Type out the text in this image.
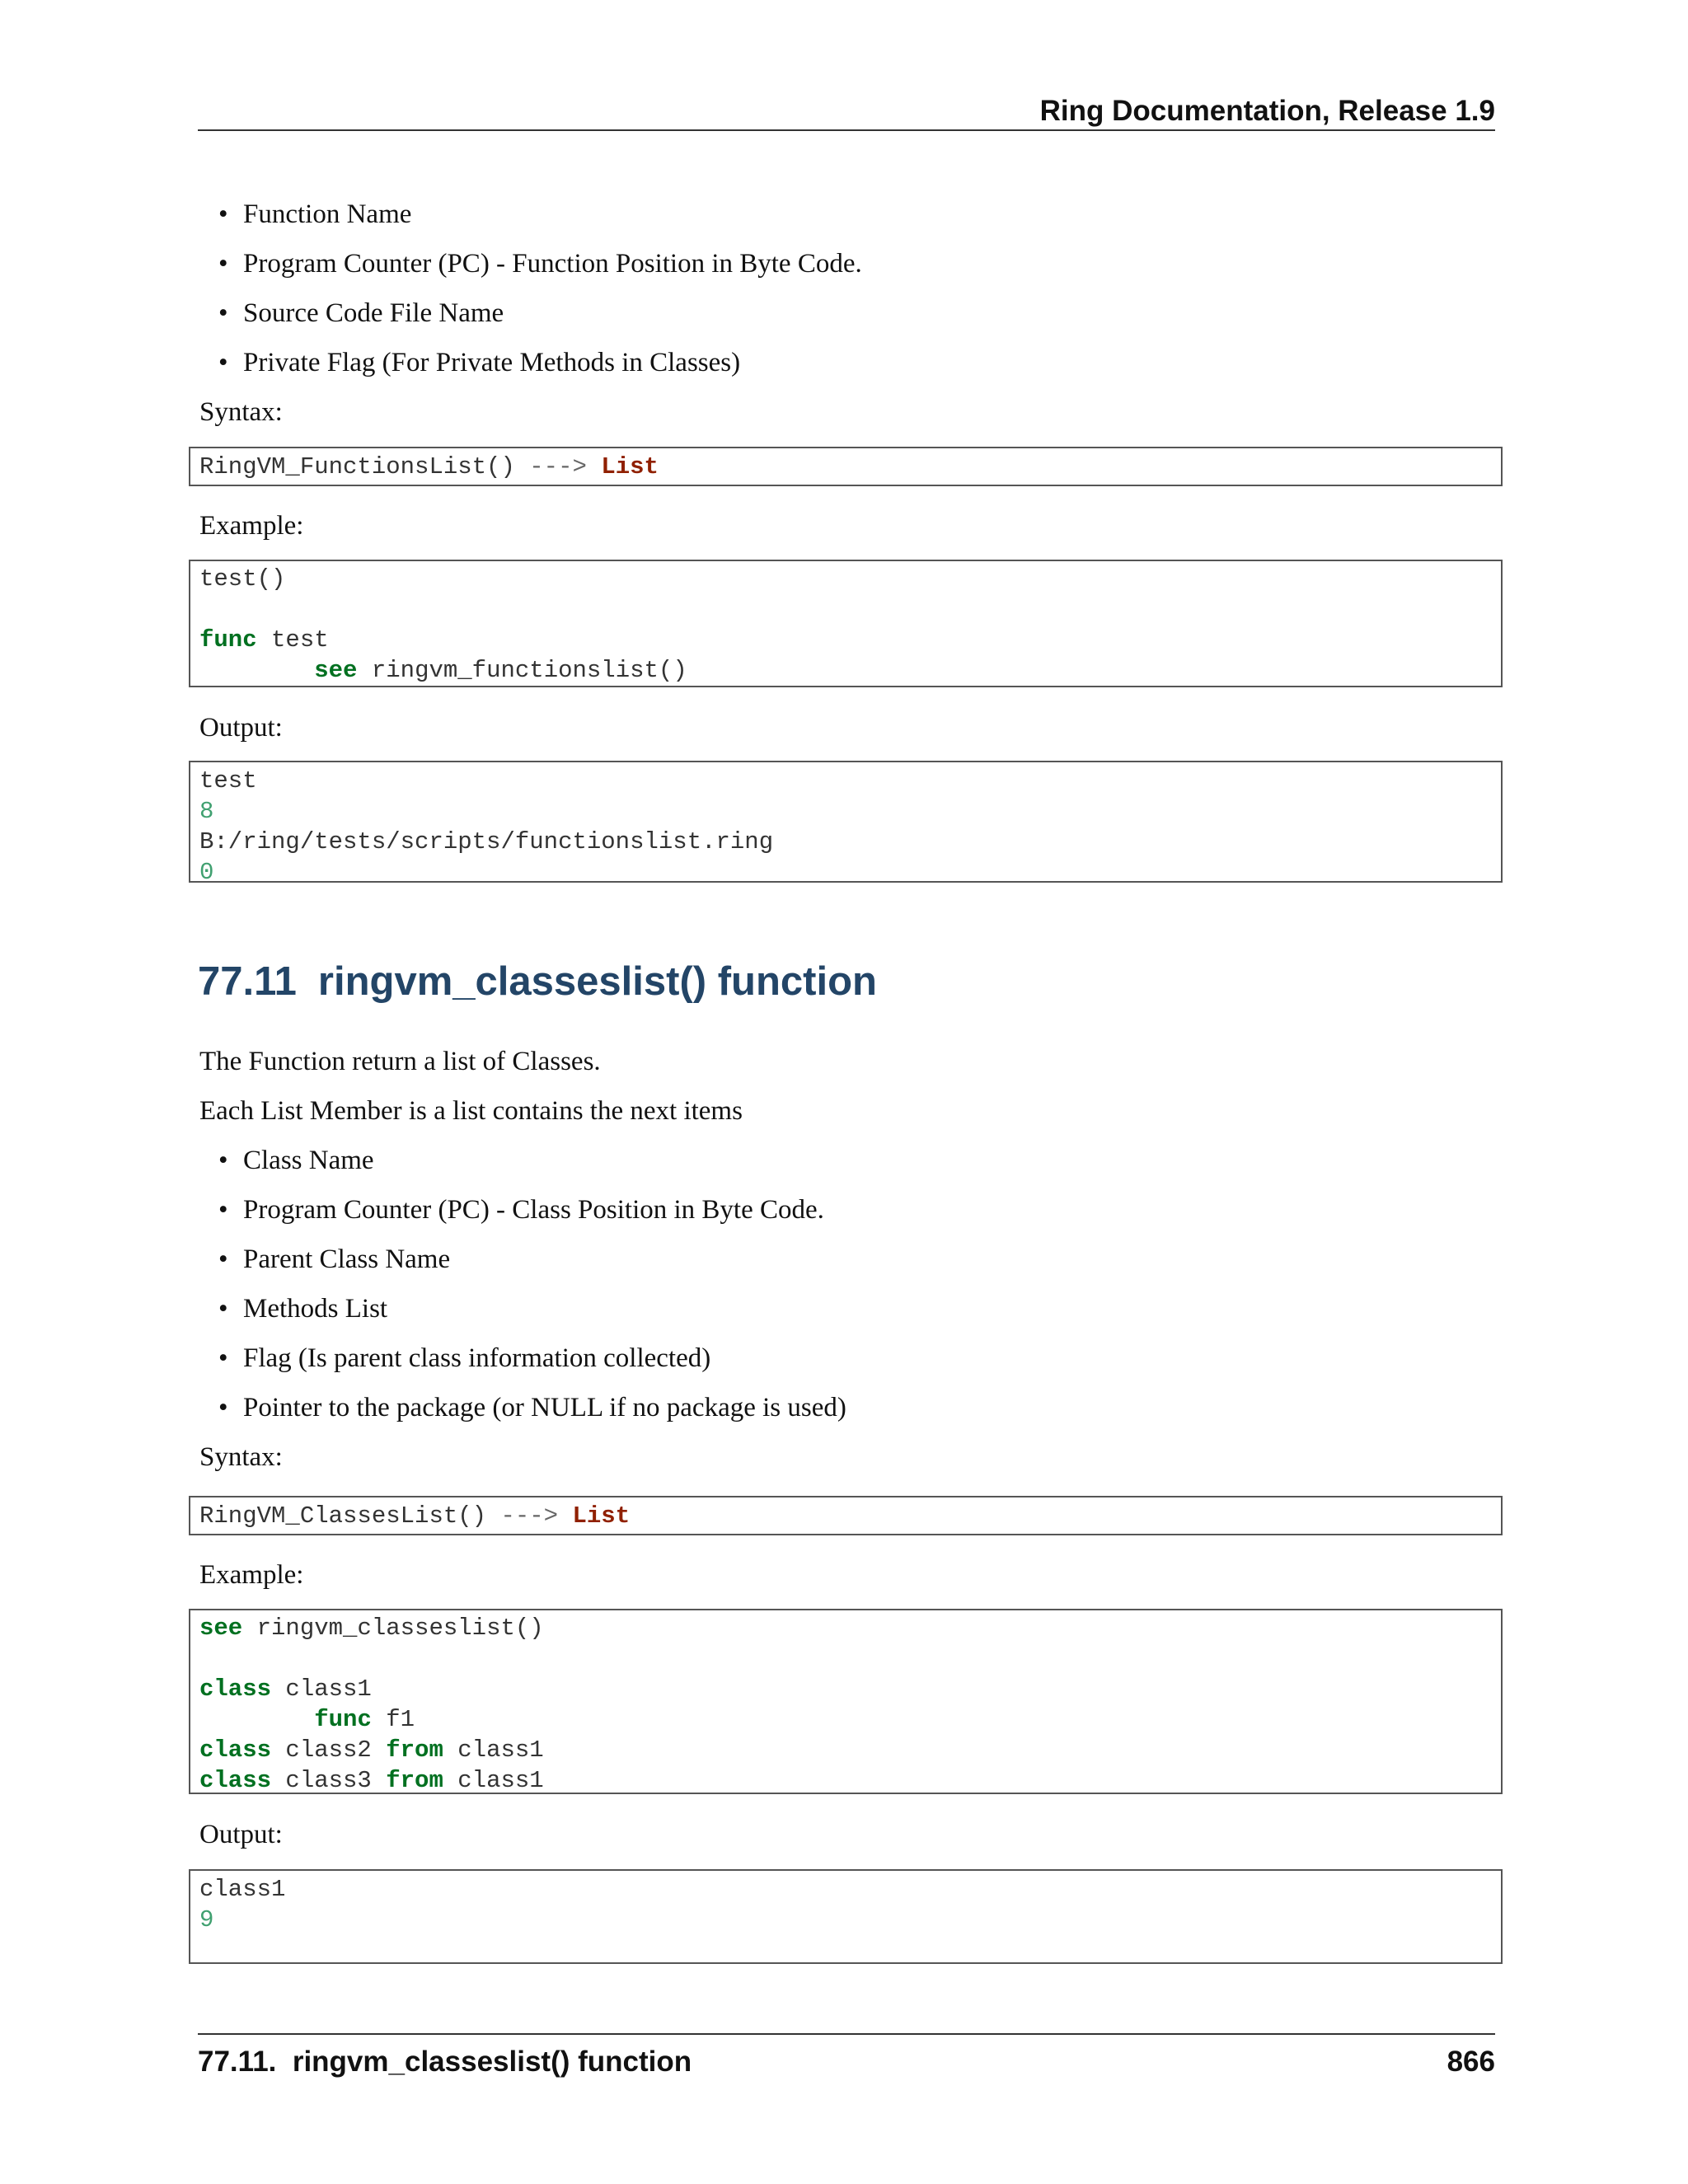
Ring Documentation, Release 1.9
• Function Name
• Program Counter (PC) - Function Position in Byte Code.
• Source Code File Name
• Private Flag (For Private Methods in Classes)
Syntax:
RingVM_FunctionsList() ---> List
Example:
test()
func test
see ringvm_functionslist()
Output:
test
8
B:/ring/tests/scripts/functionslist.ring
0
77.11 ringvm_classeslist() function
The Function return a list of Classes.
Each List Member is a list contains the next items
• Class Name
• Program Counter (PC) - Class Position in Byte Code.
• Parent Class Name
• Methods List
• Flag (Is parent class information collected)
• Pointer to the package (or NULL if no package is used)
Syntax:
RingVM_ClassesList() ---> List
Example:
see ringvm_classeslist()
class class1
func f1
class class2 from class1
class class3 from class1
Output:
class1
9
77.11.  ringvm_classeslist() function	866
